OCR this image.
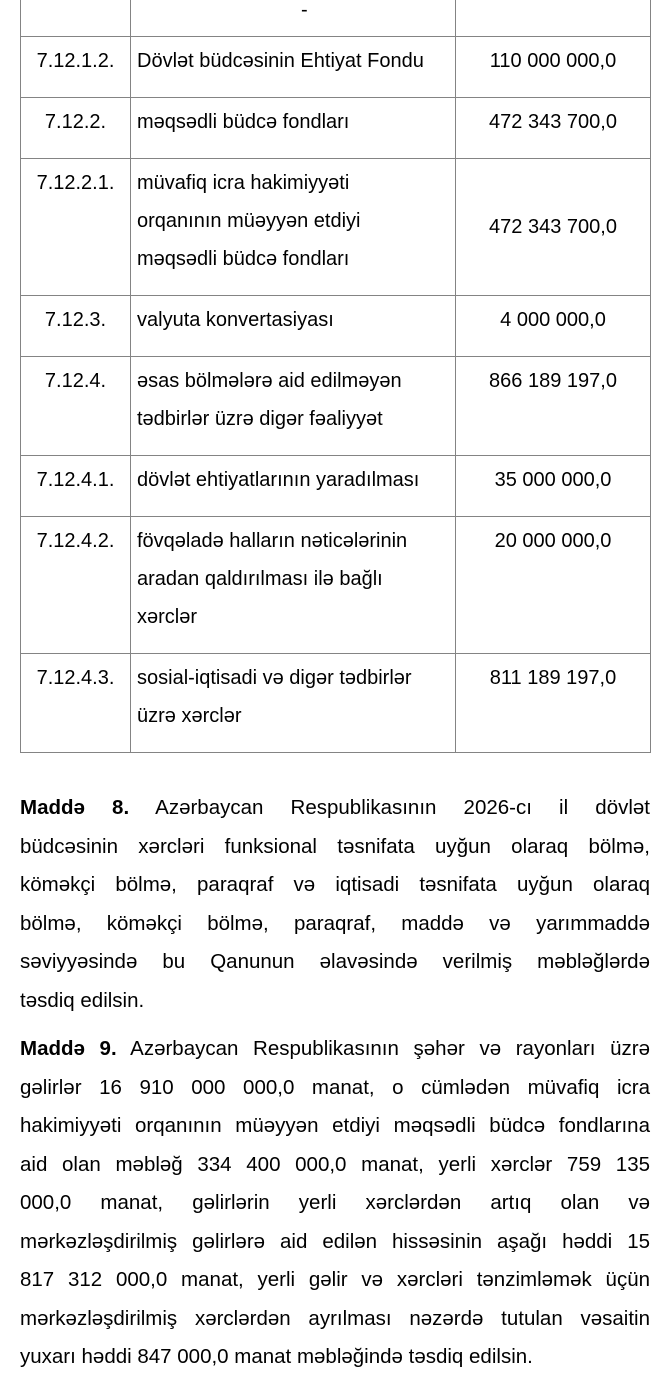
	-	

7.12.1.2.	Dövlət büdcəsinin Ehtiyat Fondu	110 000 000,0
7.12.2.	məqsədli büdcə fondları	472 343 700,0
7.12.2.1.	müvafiq icra hakimiyyəti
orqanının müəyyən etdiyi
məqsədli büdcə fondları	472 343 700,0
7.12.3.	valyuta konvertasiyası	4 000 000,0
7.12.4.	əsas bölmələrə aid edilməyən
tədbirlər üzrə digər fəaliyyət	866 189 197,0
7.12.4.1.	dövlət ehtiyatlarının yaradılması	35 000 000,0
7.12.4.2.	fövqəladə halların nəticələrinin
aradan qaldırılması ilə bağlı
xərclər	20 000 000,0
7.12.4.3.	sosial-iqtisadi və digər tədbirlər
üzrə xərclər	811 189 197,0
Maddə 8. Azərbaycan Respublikasının 2026-cı il dövlət
büdcəsinin xərcləri funksional təsnifata uyğun olaraq bölmə,
köməkçi bölmə, paraqraf və iqtisadi təsnifata uyğun olaraq
bölmə, köməkçi bölmə, paraqraf, maddə və yarımmaddə
səviyyəsində bu Qanunun əlavəsində verilmiş məbləğlərdə
təsdiq edilsin.
Maddə 9. Azərbaycan Respublikasının şəhər və rayonları üzrə
gəlirlər 16 910 000 000,0 manat, o cümlədən müvafiq icra
hakimiyyəti orqanının müəyyən etdiyi məqsədli büdcə fondlarına
aid olan məbləğ 334 400 000,0 manat, yerli xərclər 759 135
000,0 manat, gəlirlərin yerli xərclərdən artıq olan və
mərkəzləşdirilmiş gəlirlərə aid edilən hissəsinin aşağı həddi 15
817 312 000,0 manat, yerli gəlir və xərcləri tənzimləmək üçün
mərkəzləşdirilmiş xərclərdən ayrılması nəzərdə tutulan vəsaitin
yuxarı həddi 847 000,0 manat məbləğində təsdiq edilsin.
